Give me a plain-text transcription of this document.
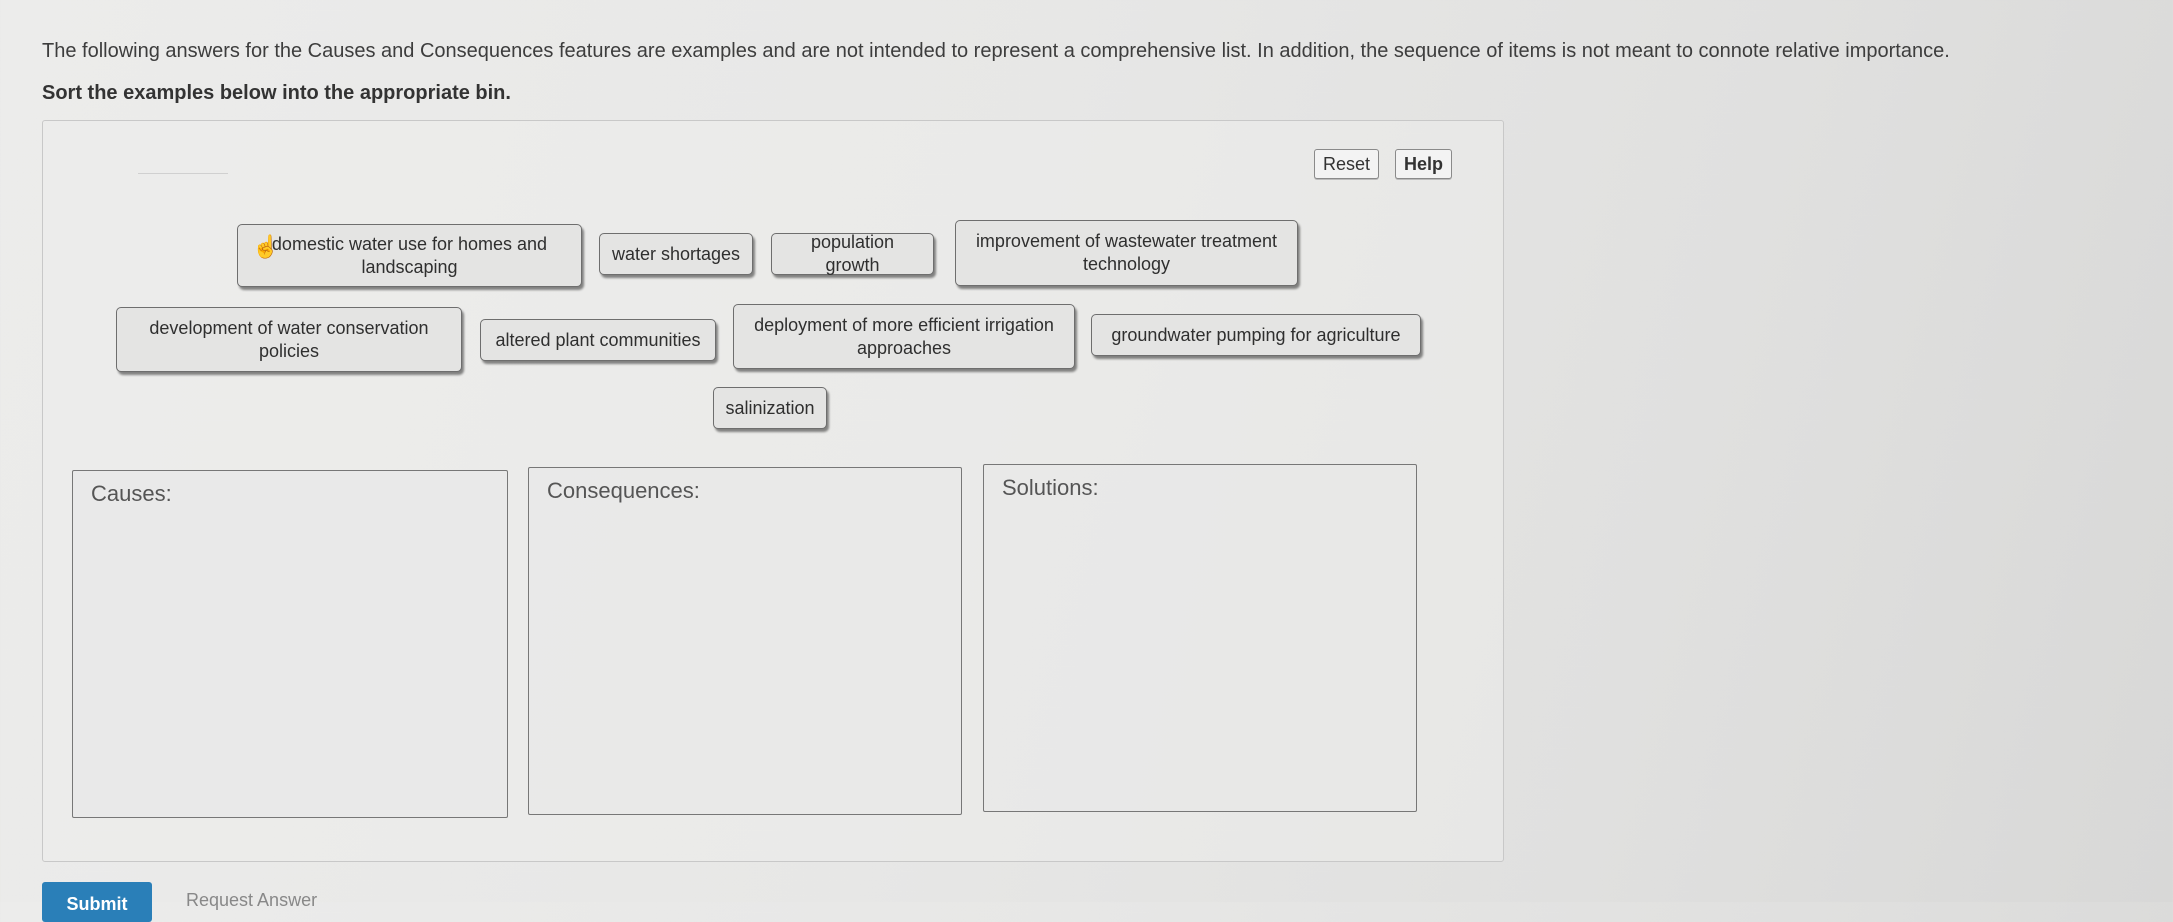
The following answers for the Causes and Consequences features are examples and are not intended to represent a comprehensive list. In addition, the sequence of items is not meant to connote relative importance.
Sort the examples below into the appropriate bin.
Reset	Help
domestic water use for homes and landscaping
☝	water shortages
population growth
improvement of wastewater treatment technology
development of water conservation policies
altered plant communities
deployment of more efficient irrigation approaches
groundwater pumping for agriculture
salinization
Causes:	Consequences:	Solutions:
Submit	Request Answer
